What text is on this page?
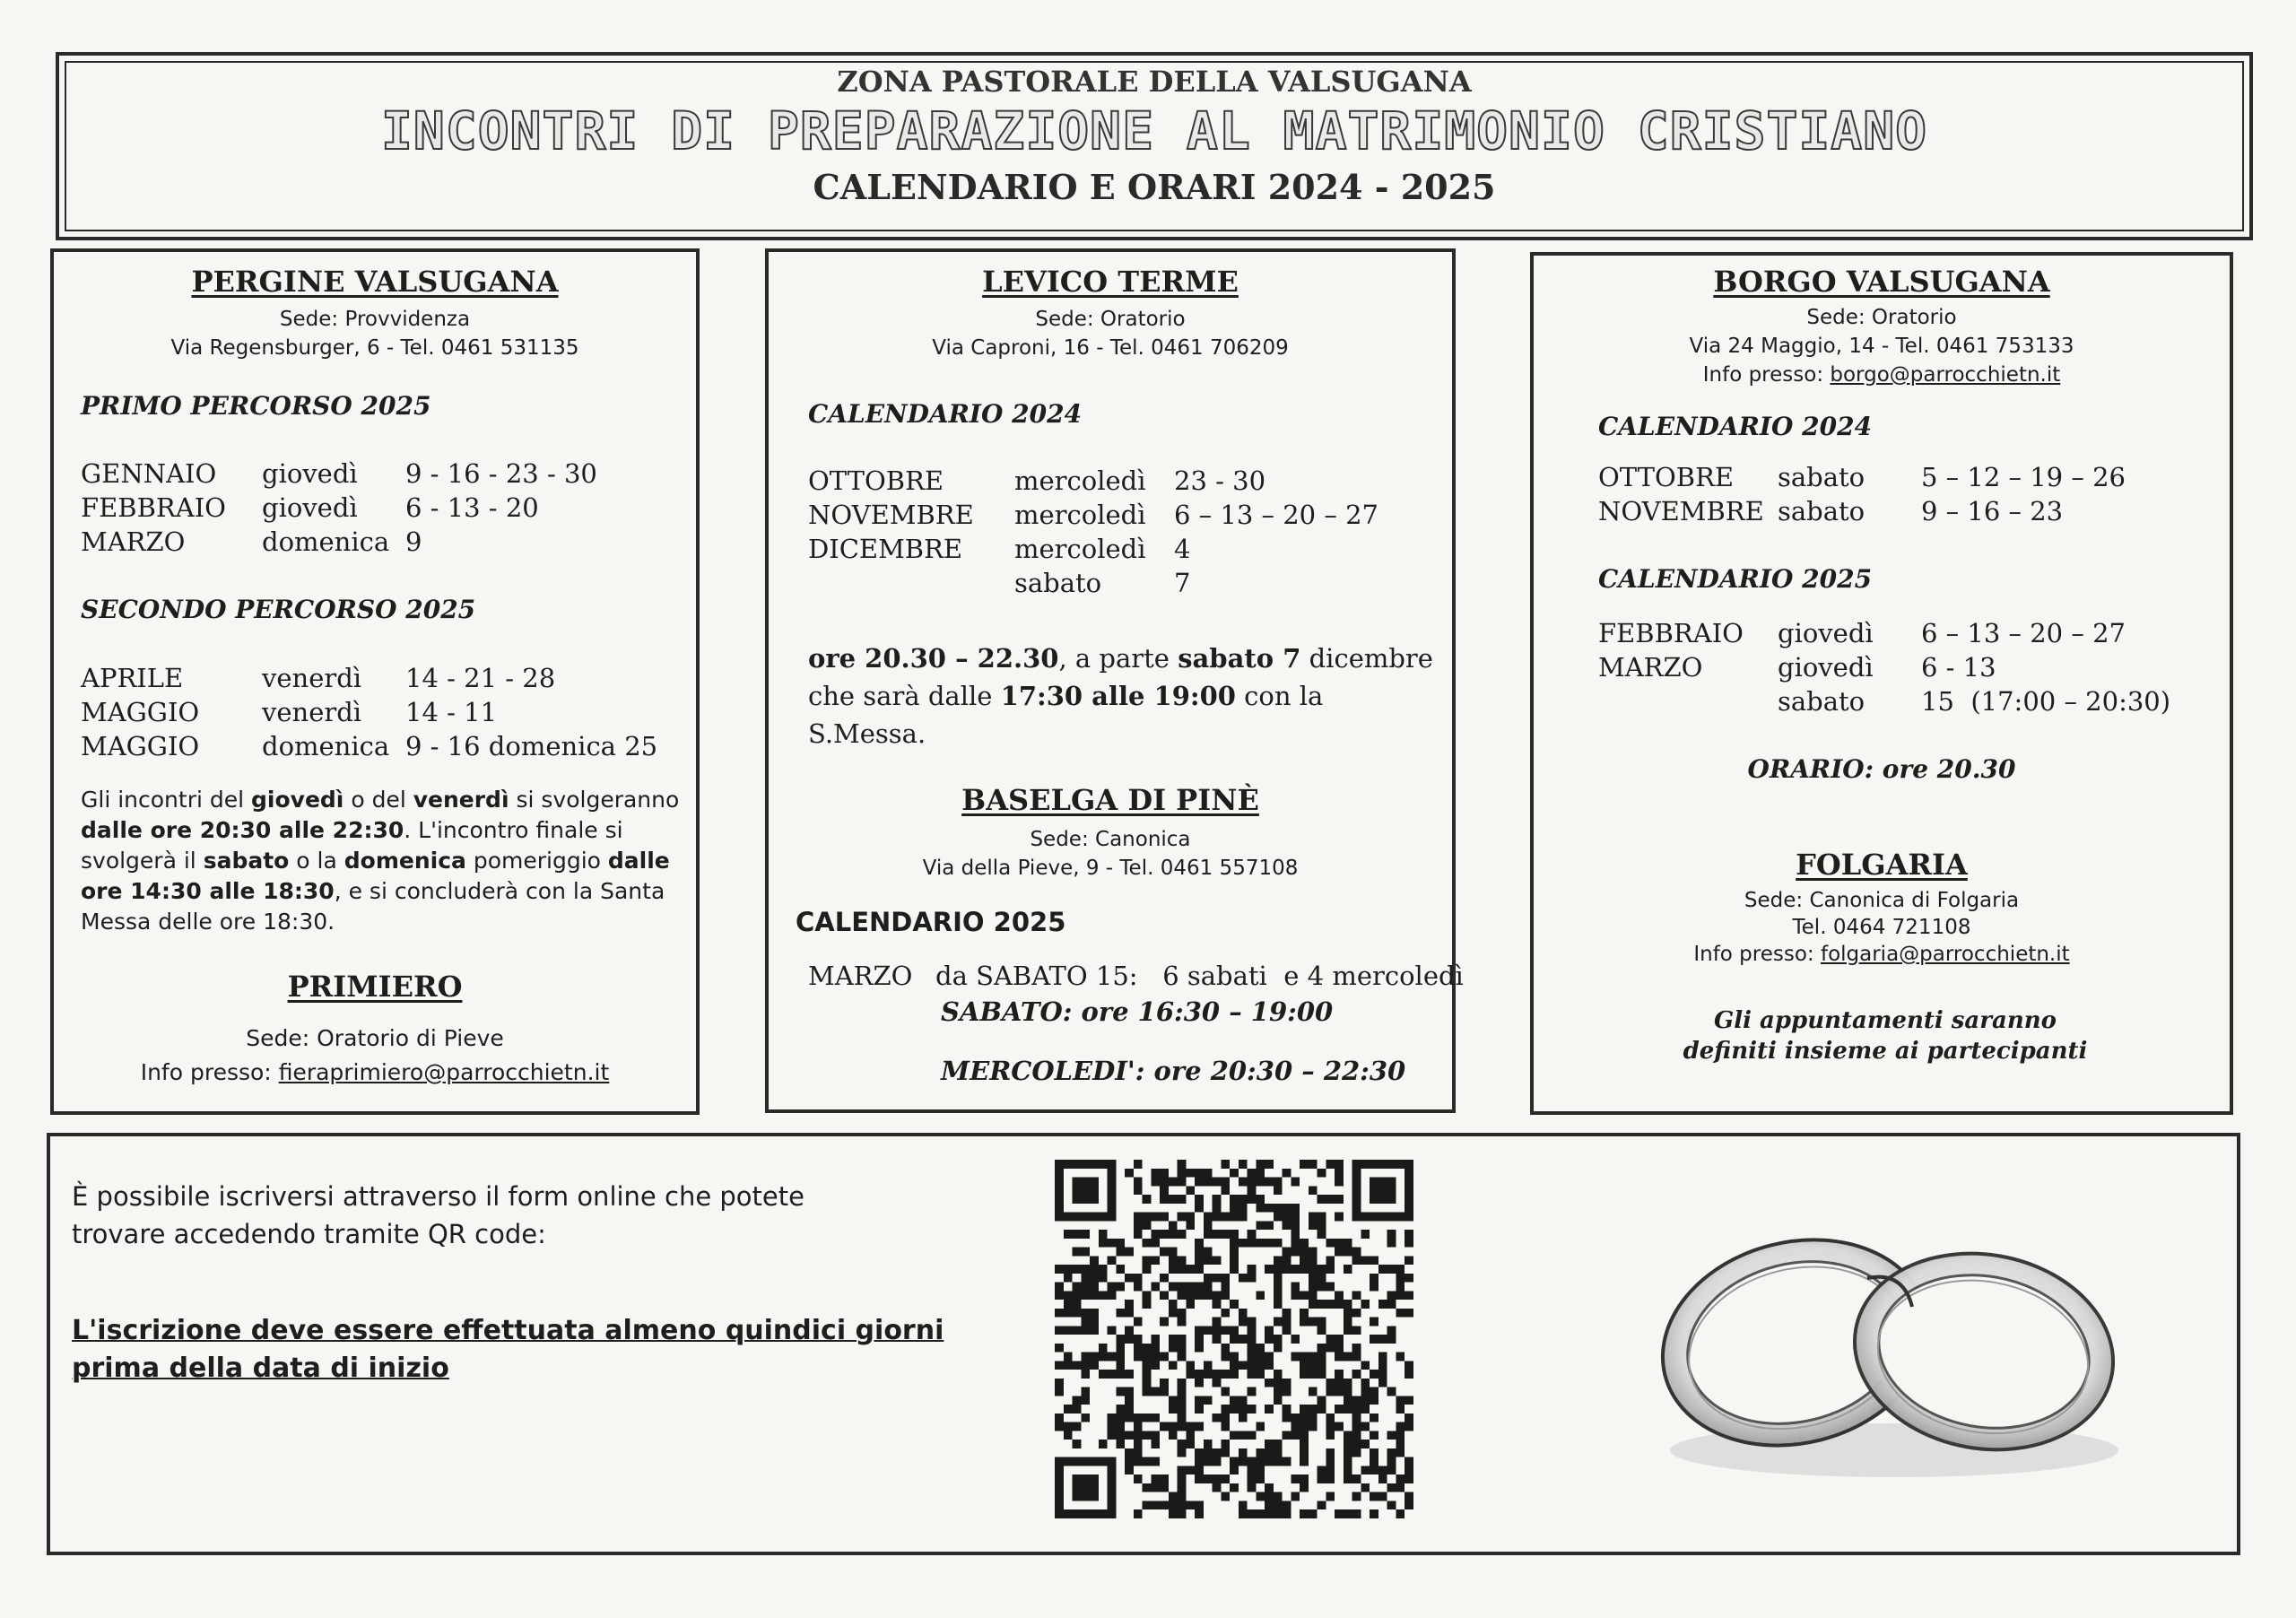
ZONA PASTORALE DELLA VALSUGANA
INCONTRI DI PREPARAZIONE AL MATRIMONIO CRISTIANO
CALENDARIO E ORARI 2024 - 2025
PERGINE VALSUGANA
Sede: Provvidenza
Via Regensburger, 6 - Tel. 0461 531135
PRIMO PERCORSO 2025
GENNAIO giovedì 9 - 16 - 23 - 30
FEBBRAIO giovedì 6 - 13 - 20
MARZO	domenica 9
SECONDO PERCORSO 2025
APRILE	venerdì 14 - 21 - 28
MAGGIO venerdì 14 - 11
MAGGIO domenica 9 - 16 domenica 25
Gli incontri del giovedì o del venerdì si svolgeranno dalle ore 20:30 alle 22:30. L'incontro finale si svolgerà il sabato o la domenica pomeriggio dalle ore 14:30 alle 18:30, e si concluderà con la Santa Messa delle ore 18:30.
PRIMIERO
Sede: Oratorio di Pieve
Info presso: fieraprimiero@parrocchietn.it
LEVICO TERME
Sede: Oratorio
Via Caproni, 16 - Tel. 0461 706209
CALENDARIO 2024
OTTOBRE	mercoledì 23 - 30
NOVEMBRE mercoledì 6 – 13 – 20 – 27
DICEMBRE mercoledì 4
sabato	7
ore 20.30 – 22.30, a parte sabato 7 dicembre che sarà dalle 17:30 alle 19:00 con la S.Messa.
BASELGA DI PINÈ
Sede: Canonica
Via della Pieve, 9 - Tel. 0461 557108
CALENDARIO 2025
MARZO da SABATO 15:   6 sabati  e 4 mercoledì
SABATO: ore 16:30 – 19:00
MERCOLEDI': ore 20:30 – 22:30
BORGO VALSUGANA
Sede: Oratorio
Via 24 Maggio, 14 - Tel. 0461 753133
Info presso: borgo@parrocchietn.it
CALENDARIO 2024
OTTOBRE sabato 5 – 12 – 19 – 26
NOVEMBRE sabato 9 – 16 – 23
CALENDARIO 2025
FEBBRAIO giovedì 6 – 13 – 20 – 27
MARZO	giovedì 6 - 13
sabato 15  (17:00 – 20:30)
ORARIO: ore 20.30
FOLGARIA
Sede: Canonica di Folgaria
Tel. 0464 721108
Info presso: folgaria@parrocchietn.it
Gli appuntamenti saranno definiti insieme ai partecipanti
È possibile iscriversi attraverso il form online che potete trovare accedendo tramite QR code:
L'iscrizione deve essere effettuata almeno quindici giorni prima della data di inizio
